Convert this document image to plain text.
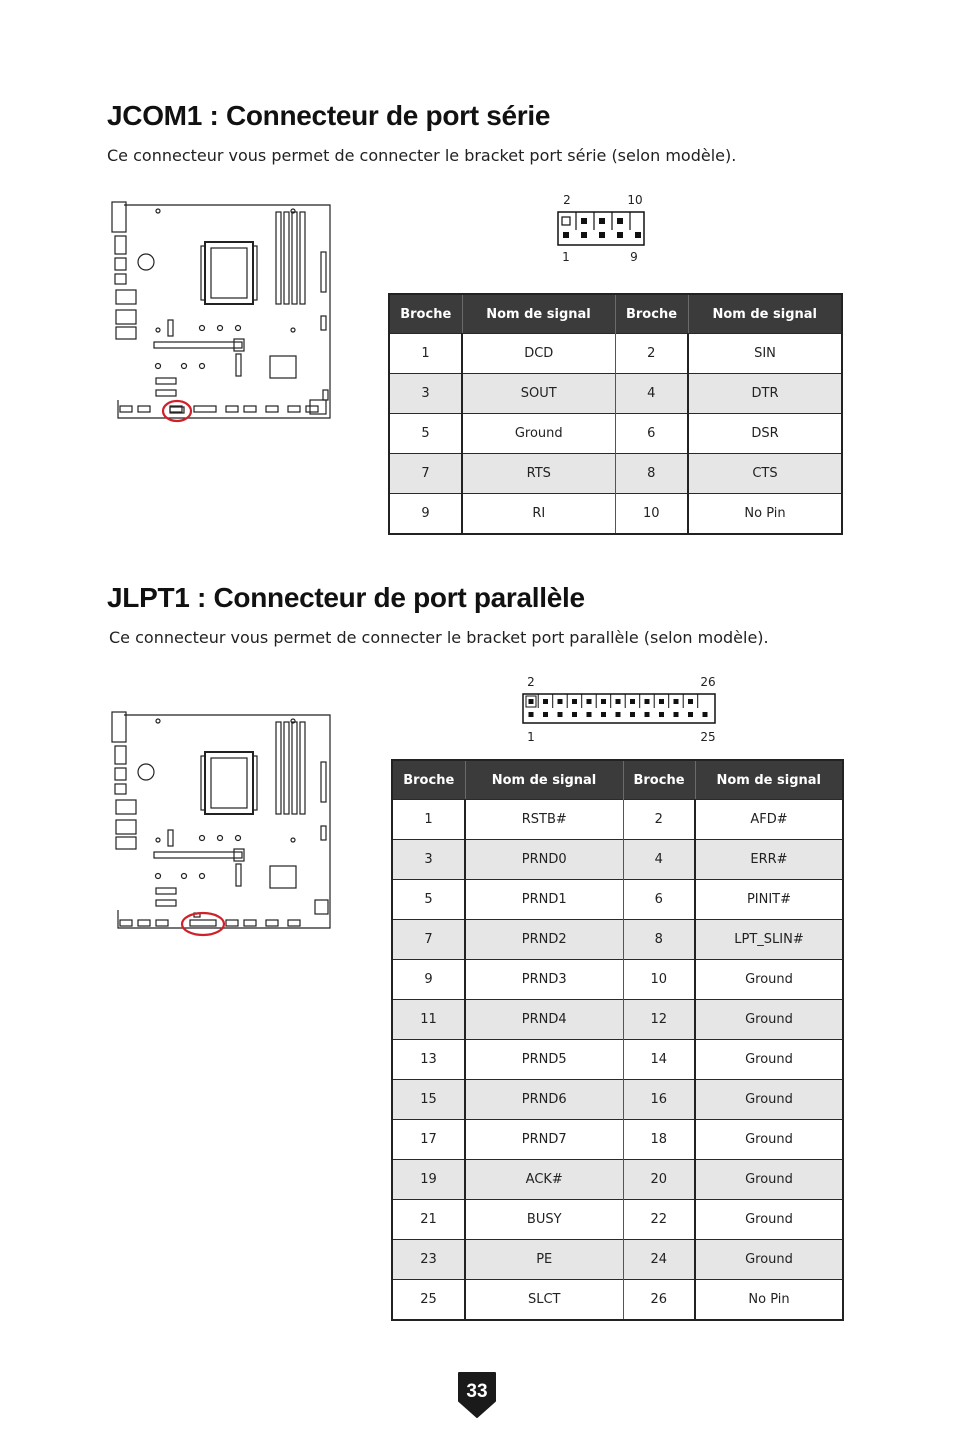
JCOM1 : Connecteur de port série

Ce connecteur vous permet de connecter le bracket port série (selon modèle).

2	10
1	9
Broche	Nom de signal	Broche	Nom de signal
1	DCD	2	SIN
3	SOUT	4	DTR
5	Ground	6	DSR
7	RTS	8	CTS
9	RI	10	No Pin
JLPT1 : Connecteur de port parallèle

Ce connecteur vous permet de connecter le bracket port parallèle (selon modèle).

2	26
1	25
Broche	Nom de signal	Broche	Nom de signal
1	RSTB#	2	AFD#
3	PRND0	4	ERR#
5	PRND1	6	PINIT#
7	PRND2	8	LPT_SLIN#
9	PRND3	10	Ground
11	PRND4	12	Ground
13	PRND5	14	Ground
15	PRND6	16	Ground
17	PRND7	18	Ground
19	ACK#	20	Ground
21	BUSY	22	Ground
23	PE	24	Ground
25	SLCT	26	No Pin
33
